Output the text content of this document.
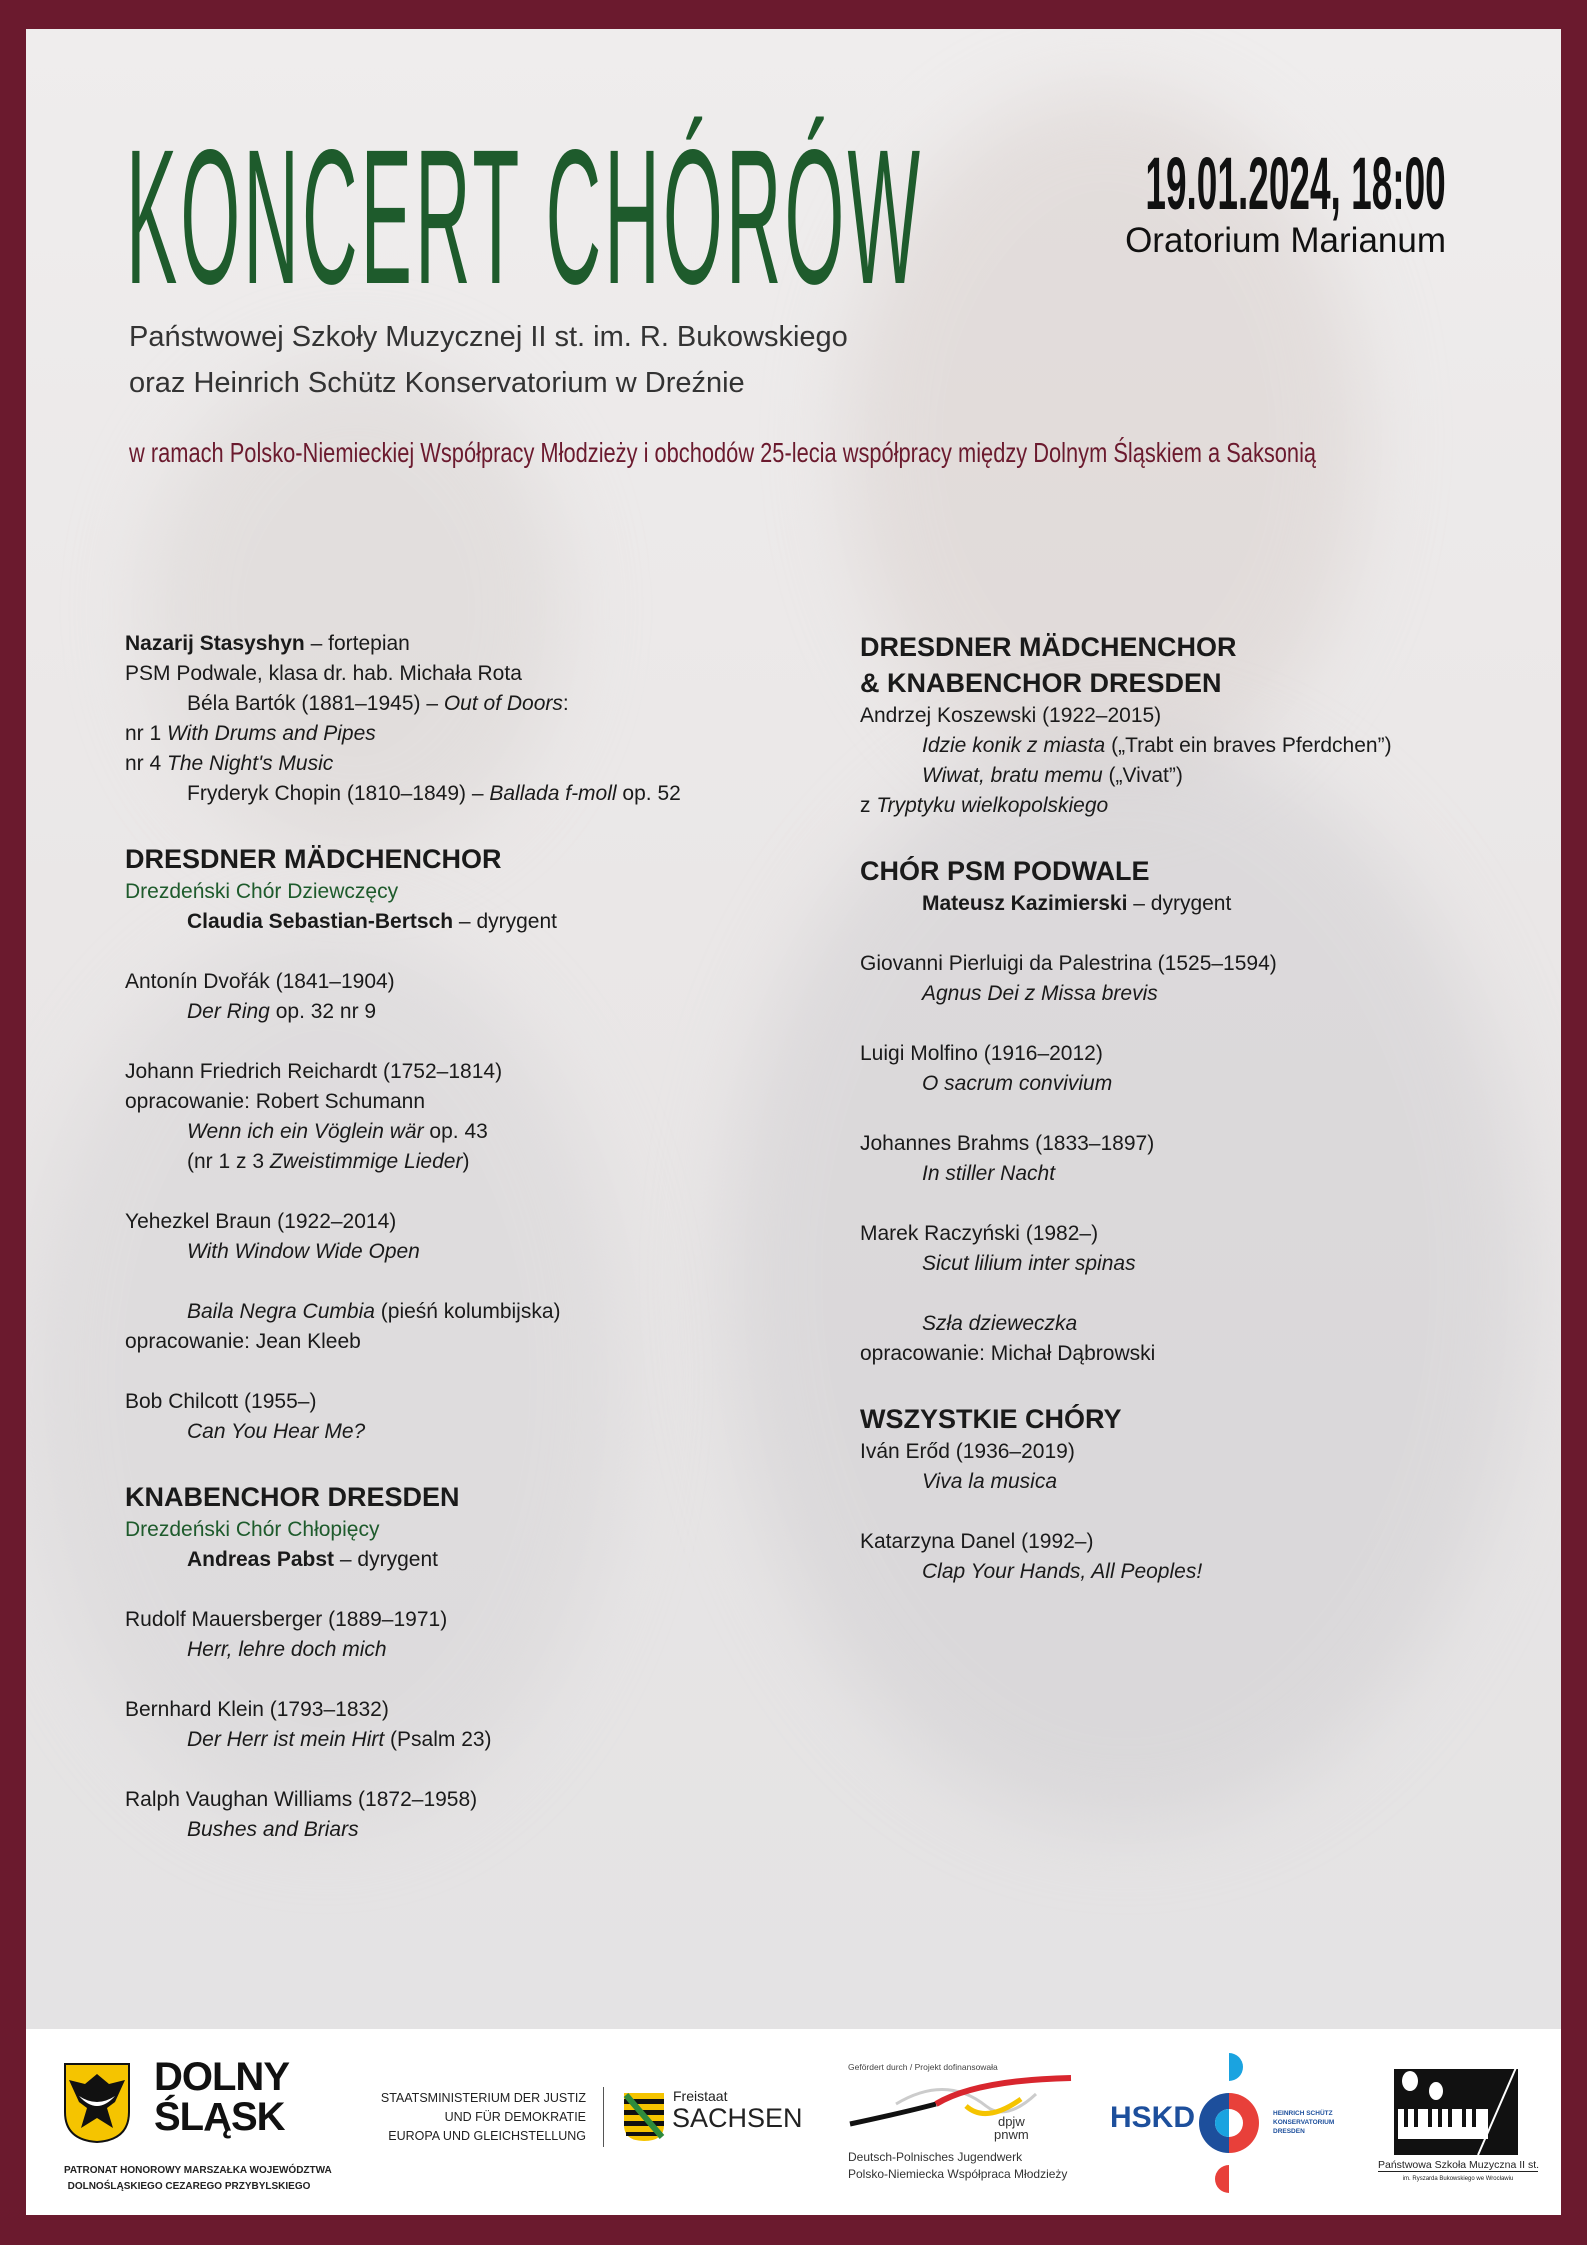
KONCERT CHÓRÓW	19.01.2024, 18:00
Oratorium Marianum
Państwowej Szkoły Muzycznej II st. im. R. Bukowskiego
oraz Heinrich Schütz Konservatorium w Dreźnie
w ramach Polsko-Niemieckiej Współpracy Młodzieży i obchodów 25-lecia współpracy między Dolnym Śląskiem a Saksonią
Nazarij Stasyshyn – fortepian
PSM Podwale, klasa dr. hab. Michała Rota
Béla Bartók (1881–1945) – Out of Doors:
nr 1 With Drums and Pipes
nr 4 The Night's Music
Fryderyk Chopin (1810–1849) – Ballada f-moll op. 52
DRESDNER MÄDCHENCHOR
Drezdeński Chór Dziewczęcy
Claudia Sebastian-Bertsch – dyrygent
Antonín Dvořák (1841–1904)
Der Ring op. 32 nr 9
Johann Friedrich Reichardt (1752–1814)
opracowanie: Robert Schumann
Wenn ich ein Vöglein wär op. 43
(nr 1 z 3 Zweistimmige Lieder)
Yehezkel Braun (1922–2014)
With Window Wide Open
Baila Negra Cumbia (pieśń kolumbijska)
opracowanie: Jean Kleeb
Bob Chilcott (1955–)
Can You Hear Me?
KNABENCHOR DRESDEN
Drezdeński Chór Chłopięcy
Andreas Pabst – dyrygent
Rudolf Mauersberger (1889–1971)
Herr, lehre doch mich
Bernhard Klein (1793–1832)
Der Herr ist mein Hirt (Psalm 23)
Ralph Vaughan Williams (1872–1958)
Bushes and Briars
DRESDNER MÄDCHENCHOR
& KNABENCHOR DRESDEN
Andrzej Koszewski (1922–2015)
Idzie konik z miasta („Trabt ein braves Pferdchen”)
Wiwat, bratu memu („Vivat”)
z Tryptyku wielkopolskiego
CHÓR PSM PODWALE
Mateusz Kazimierski – dyrygent
Giovanni Pierluigi da Palestrina (1525–1594)
Agnus Dei z Missa brevis
Luigi Molfino (1916–2012)
O sacrum convivium
Johannes Brahms (1833–1897)
In stiller Nacht
Marek Raczyński (1982–)
Sicut lilium inter spinas
Szła dzieweczka
opracowanie: Michał Dąbrowski
WSZYSTKIE CHÓRY
Iván Erőd (1936–2019)
Viva la musica
Katarzyna Danel (1992–)
Clap Your Hands, All Peoples!
DOLNY
ŚLĄSK
PATRONAT HONOROWY MARSZAŁKA WOJEWÓDZTWA
DOLNOŚLĄSKIEGO CEZAREGO PRZYBYLSKIEGO
STAATSMINISTERIUM DER JUSTIZ
UND FÜR DEMOKRATIE
EUROPA UND GLEICHSTELLUNG
Freistaat
SACHSEN
Gefördert durch / Projekt dofinansowała
dpjw
pnwm
Deutsch-Polnisches Jugendwerk
Polsko-Niemiecka Współpraca Młodzieży
HSKD	HEINRICH SCHÜTZ
KONSERVATORIUM
DRESDEN
Państwowa Szkoła Muzyczna II st.
im. Ryszarda Bukowskiego we Wrocławiu
